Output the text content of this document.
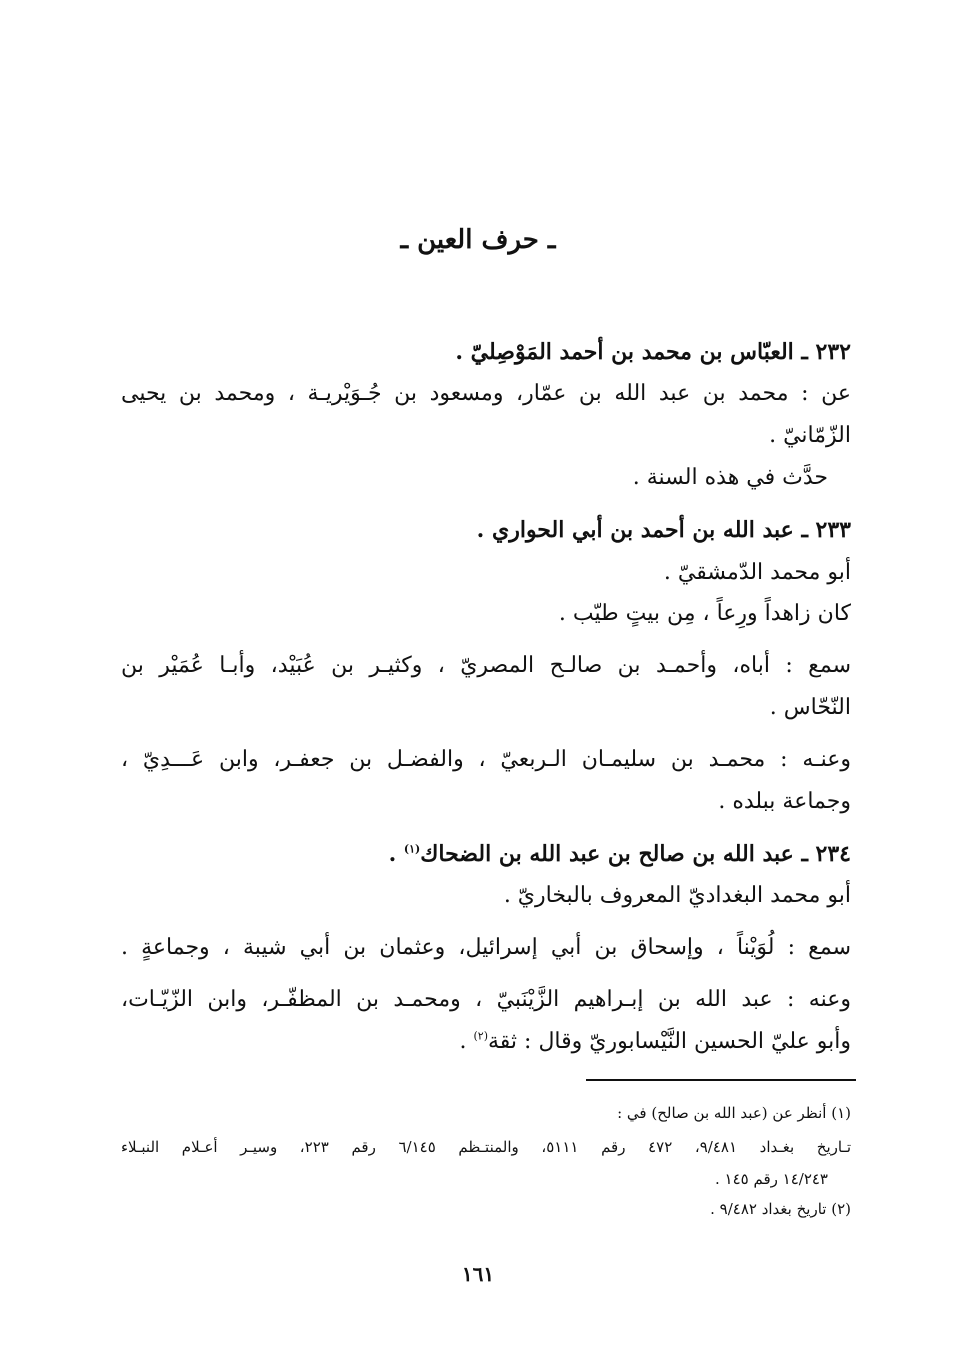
ـ حرف العين ـ
٢٣٢ ـ العبّاس بن محمد بن أحمد المَوْصِليّ .
عن : محمد بن عبد الله بن عمّار، ومسعود بن جُـوَيْريـة ، ومحمد بن يحيى
الزّمّانيّ .
حدَّث في هذه السنة .
٢٣٣ ـ عبد الله بن أحمد بن أبي الحواري .
أبو محمد الدّمشقيّ .
كان زاهداً ورِعاً ، مِن بيتٍ طيّب .
سمع : أباه، وأحمـد بن صالـح المصريّ ، وكثيـر بن عُبَيْد، وأبـا عُمَيْر بن
النّحّاس .
وعنـه : محمـد بن سليمـان الـربعيّ ، والفضـل بن جعفـر، وابن عَـــدِيّ ،
وجماعة ببلده .
٢٣٤ ـ عبد الله بن صالح بن عبد الله بن الضحاك$^{(١)}$ .
أبو محمد البغداديّ المعروف بالبخاريّ .
سمع : لُوَيْناً ، وإسحاق بن أبي إسرائيل، وعثمان بن أبي شيبة ، وجماعةٍ .
وعنه : عبد الله بن إبـراهيم الزَّيْنَبيّ ، ومحمـد بن المظفّـر، وابن الزّيّـات،
وأبو عليّ الحسين النَّيْسابوريّ وقال : ثقة$^{(٢)}$ .
(١) أنظر عن (عبد الله بن صالح) في :
تـاريخ بغـداد ٩/٤٨١، ٤٧٢ رقم ٥١١١، والمنتـظم ٦/١٤٥ رقم ٢٢٣، وسيـر أعـلام النبـلاء
١٤/٢٤٣ رقم ١٤٥ .
(٢) تاريخ بغداد ٩/٤٨٢ .
١٦١
